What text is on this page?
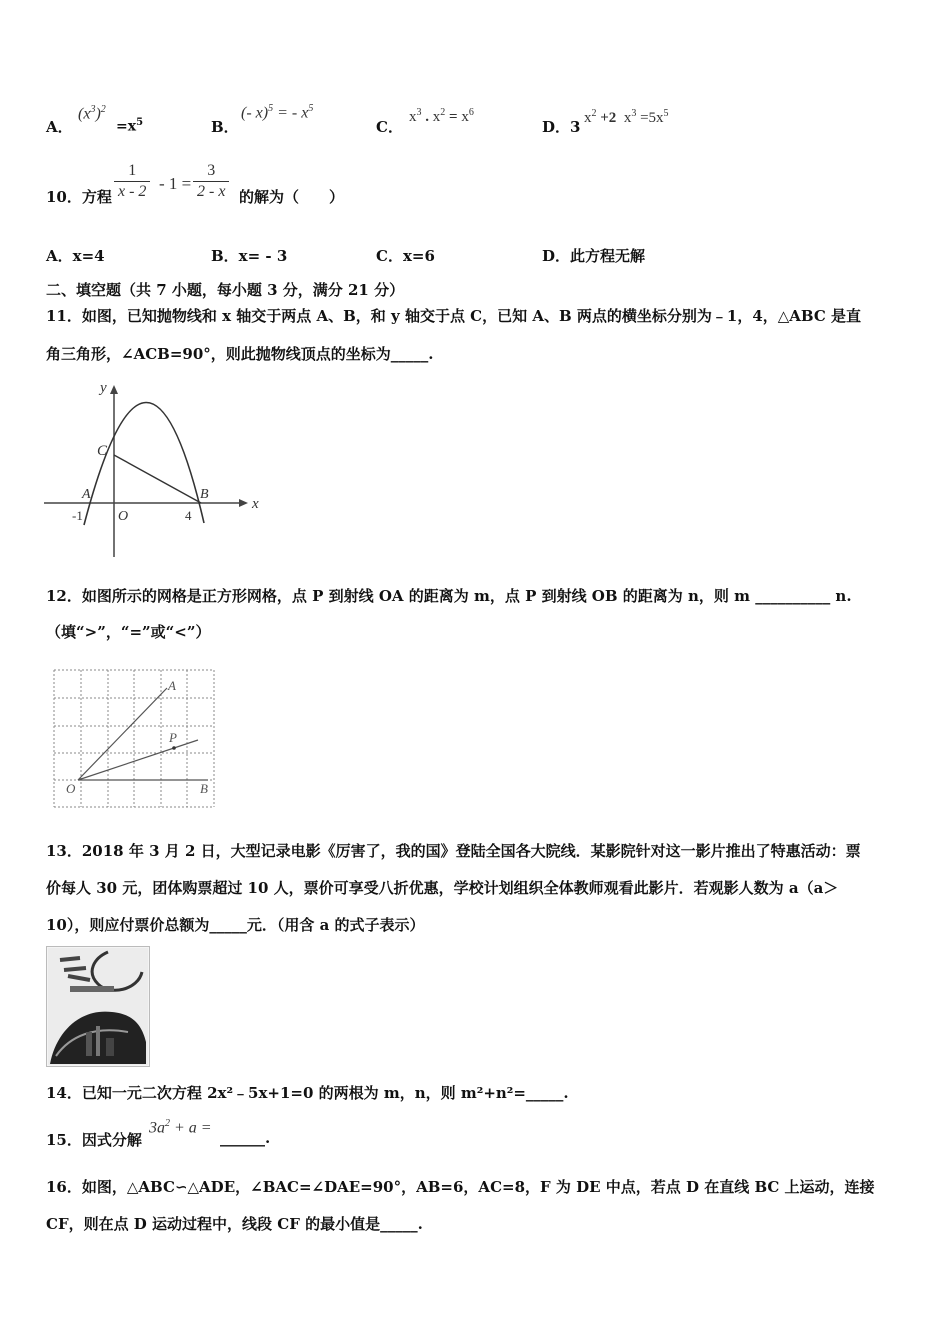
A．
$(x^3)^2$
$=x^5$	B．
(- x)$^5$ = - $x^5$
C．
$x^3$ . $x^2 = x^6$
D．3 $x^2 +2$  $x^3 =5x^5$
10．方程 $\frac{1}{x - 2} - 1 = \frac{3}{2 - x}$ 的解为（　　）
A．x=4	B．x= - 3	C．x=6	D．此方程无解
二、填空题（共 7 小题，每小题 3 分，满分 21 分）
11．如图，已知抛物线和 x 轴交于两点 A、B，和 y 轴交于点 C，已知 A、B 两点的横坐标分别为﹣1，4，△ABC 是直
角三角形，∠ACB=90°，则此抛物线顶点的坐标为_____.
y
x
C
A	B
O
-1	4
12．如图所示的网格是正方形网格，点 P 到射线 OA 的距离为 m，点 P 到射线 OB 的距离为 n，则 m __________ n.
（填“>”，“=”或“<”）
A
P
O	B
13．2018 年 3 月 2 日，大型记录电影《厉害了，我的国》登陆全国各大院线．某影院针对这一影片推出了特惠活动：票
价每人 30 元，团体购票超过 10 人，票价可享受八折优惠，学校计划组织全体教师观看此影片．若观影人数为 a（a＞
10），则应付票价总额为_____元．（用含 a 的式子表示）
14．已知一元二次方程 2x²﹣5x+1=0 的两根为 m，n，则 m²+n²=_____.
15．因式分解
$3a^2 + a$ =
______.
16．如图，△ABC∽△ADE，∠BAC=∠DAE=90°，AB=6，AC=8，F 为 DE 中点，若点 D 在直线 BC 上运动，连接
CF，则在点 D 运动过程中，线段 CF 的最小值是_____.
